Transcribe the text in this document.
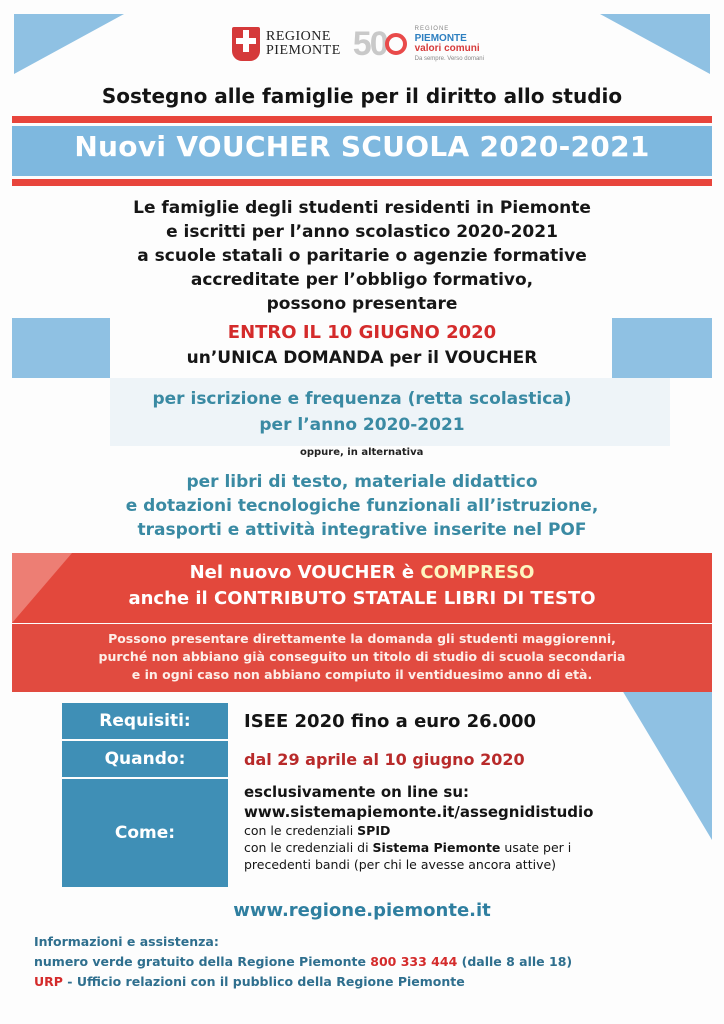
REGIONE
PIEMONTE 50	REGIONE
PIEMONTE
valori comuni
Da sempre. Verso domani
Sostegno alle famiglie per il diritto allo studio
Nuovi VOUCHER SCUOLA 2020-2021
Le famiglie degli studenti residenti in Piemonte
e iscritti per l’anno scolastico 2020-2021
a scuole statali o paritarie o agenzie formative
accreditate per l’obbligo formativo,
possono presentare
ENTRO IL 10 GIUGNO 2020
un’UNICA DOMANDA per il VOUCHER
per iscrizione e frequenza (retta scolastica)
per l’anno 2020-2021
oppure, in alternativa
per libri di testo, materiale didattico
e dotazioni tecnologiche funzionali all’istruzione,
trasporti e attività integrative inserite nel POF
Nel nuovo VOUCHER è COMPRESO
anche il CONTRIBUTO STATALE LIBRI DI TESTO
Possono presentare direttamente la domanda gli studenti maggiorenni,
purché non abbiano già conseguito un titolo di studio di scuola secondaria
e in ogni caso non abbiano compiuto il ventiduesimo anno di età.
Requisiti:	ISEE 2020 fino a euro 26.000
Quando:	dal 29 aprile al 10 giugno 2020
Come:
esclusivamente on line su:
www.sistemapiemonte.it/assegnidistudio
con le credenziali SPID
con le credenziali di Sistema Piemonte usate per i
precedenti bandi (per chi le avesse ancora attive)
www.regione.piemonte.it
Informazioni e assistenza:
numero verde gratuito della Regione Piemonte 800 333 444 (dalle 8 alle 18)
URP - Ufficio relazioni con il pubblico della Regione Piemonte
